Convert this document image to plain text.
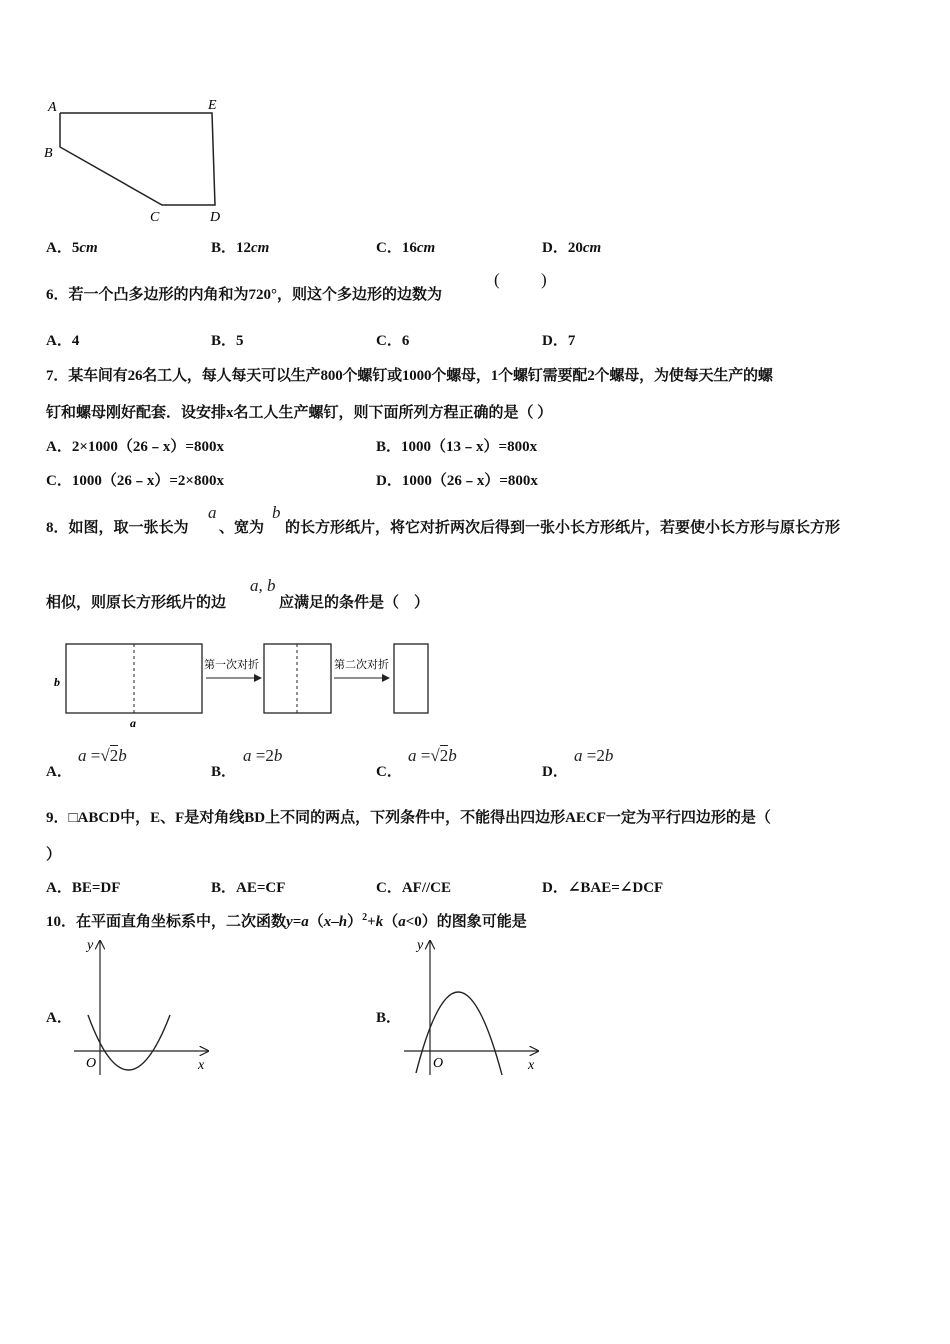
A	E
B
C	D
A．5cm	B．12cm	C．16cm	D．20cm
6．若一个凸多边形的内角和为720°，则这个多边形的边数为
( )
A．4	B．5	C．6	D．7
7．某车间有26名工人，每人每天可以生产800个螺钉或1000个螺母，1个螺钉需要配2个螺母，为使每天生产的螺
钉和螺母刚好配套．设安排x名工人生产螺钉，则下面所列方程正确的是（ ）
A．2×1000（26﹣x）=800x	B．1000（13﹣x）=800x
C．1000（26﹣x）=2×800x	D．1000（26﹣x）=800x
8．如图，取一张长为
a
、宽为
b
的长方形纸片，将它对折两次后得到一张小长方形纸片，若要使小长方形与原长方形
相似，则原长方形纸片的边
a, b
应满足的条件是（　）
b
a
第一次对折	第二次对折
A．
a =√2b
B．
a =2b
C．
a =√2b
D．
a =2b
9．□ABCD中，E、F是对角线BD上不同的两点，下列条件中，不能得出四边形AECF一定为平行四边形的是（
）
A．BE=DF	B．AE=CF	C．AF//CE	D．∠BAE=∠DCF
10．在平面直角坐标系中，二次函数$y=a(x-h)^2+k(a<0)$的图象可能是
A．
y
x
O
B．
y
x
O
